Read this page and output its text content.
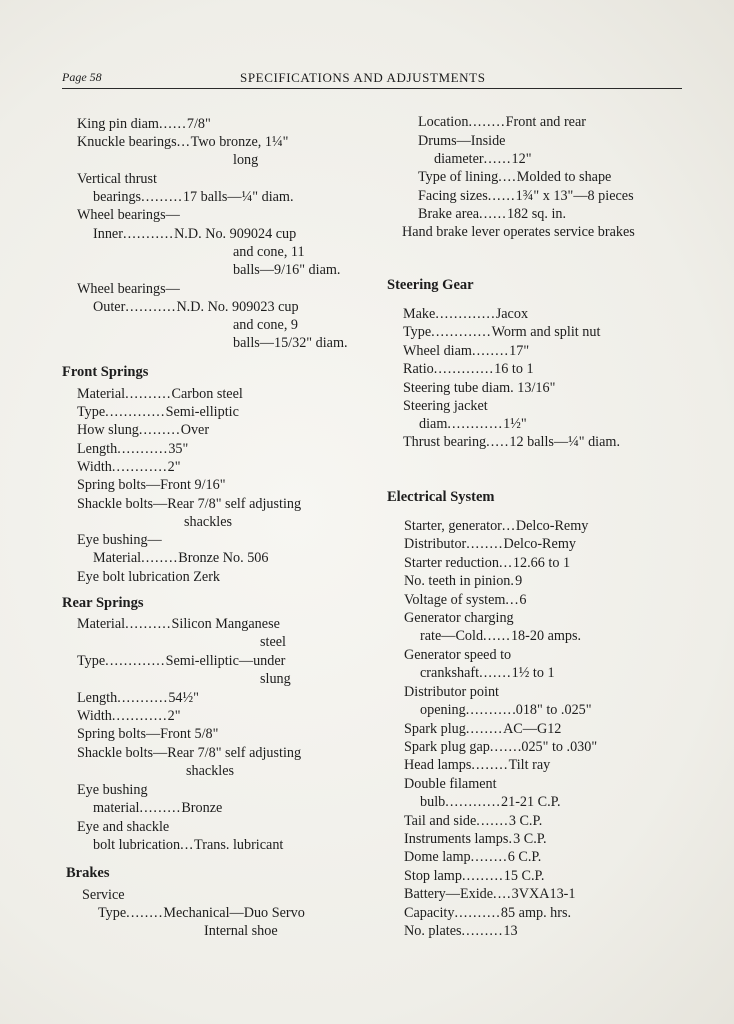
Page 58	SPECIFICATIONS AND ADJUSTMENTS
King pin diam......7/8"
Knuckle bearings...Two bronze, 1¼"
long
Vertical thrust
bearings.........17 balls—¼" diam.
Wheel bearings—
Inner...........N.D. No. 909024 cup
and cone, 11
balls—9/16" diam.
Wheel bearings—
Outer...........N.D. No. 909023 cup
and cone, 9
balls—15/32" diam.
Front Springs
Material..........Carbon steel
Type.............Semi-elliptic
How slung.........Over
Length...........35"
Width............2"
Spring bolts—Front 9/16"
Shackle bolts—Rear 7/8" self adjusting
shackles
Eye bushing—
Material........Bronze No. 506
Eye bolt lubrication Zerk
Rear Springs
Material..........Silicon Manganese
steel
Type.............Semi-elliptic—under
slung
Length...........54½"
Width............2"
Spring bolts—Front 5/8"
Shackle bolts—Rear 7/8" self adjusting
shackles
Eye bushing
material.........Bronze
Eye and shackle
bolt lubrication...Trans. lubricant
Brakes
Service
Type........Mechanical—Duo Servo
Internal shoe
Location........Front and rear
Drums—Inside
diameter......12"
Type of lining....Molded to shape
Facing sizes......1¾" x 13"—8 pieces
Brake area......182 sq. in.
Hand brake lever operates service brakes
Steering Gear
Make.............Jacox
Type.............Worm and split nut
Wheel diam........17"
Ratio.............16 to 1
Steering tube diam. 13/16"
Steering jacket
diam............1½"
Thrust bearing.....12 balls—¼" diam.
Electrical System
Starter, generator...Delco-Remy
Distributor........Delco-Remy
Starter reduction...12.66 to 1
No. teeth in pinion.9
Voltage of system...6
Generator charging
rate—Cold......18-20 amps.
Generator speed to
crankshaft.......1½ to 1
Distributor point
opening...........018" to .025"
Spark plug........AC—G12
Spark plug gap.......025" to .030"
Head lamps........Tilt ray
Double filament
bulb............21-21 C.P.
Tail and side.......3 C.P.
Instruments lamps.3 C.P.
Dome lamp........6 C.P.
Stop lamp.........15 C.P.
Battery—Exide....3VXA13-1
Capacity..........85 amp. hrs.
No. plates.........13
